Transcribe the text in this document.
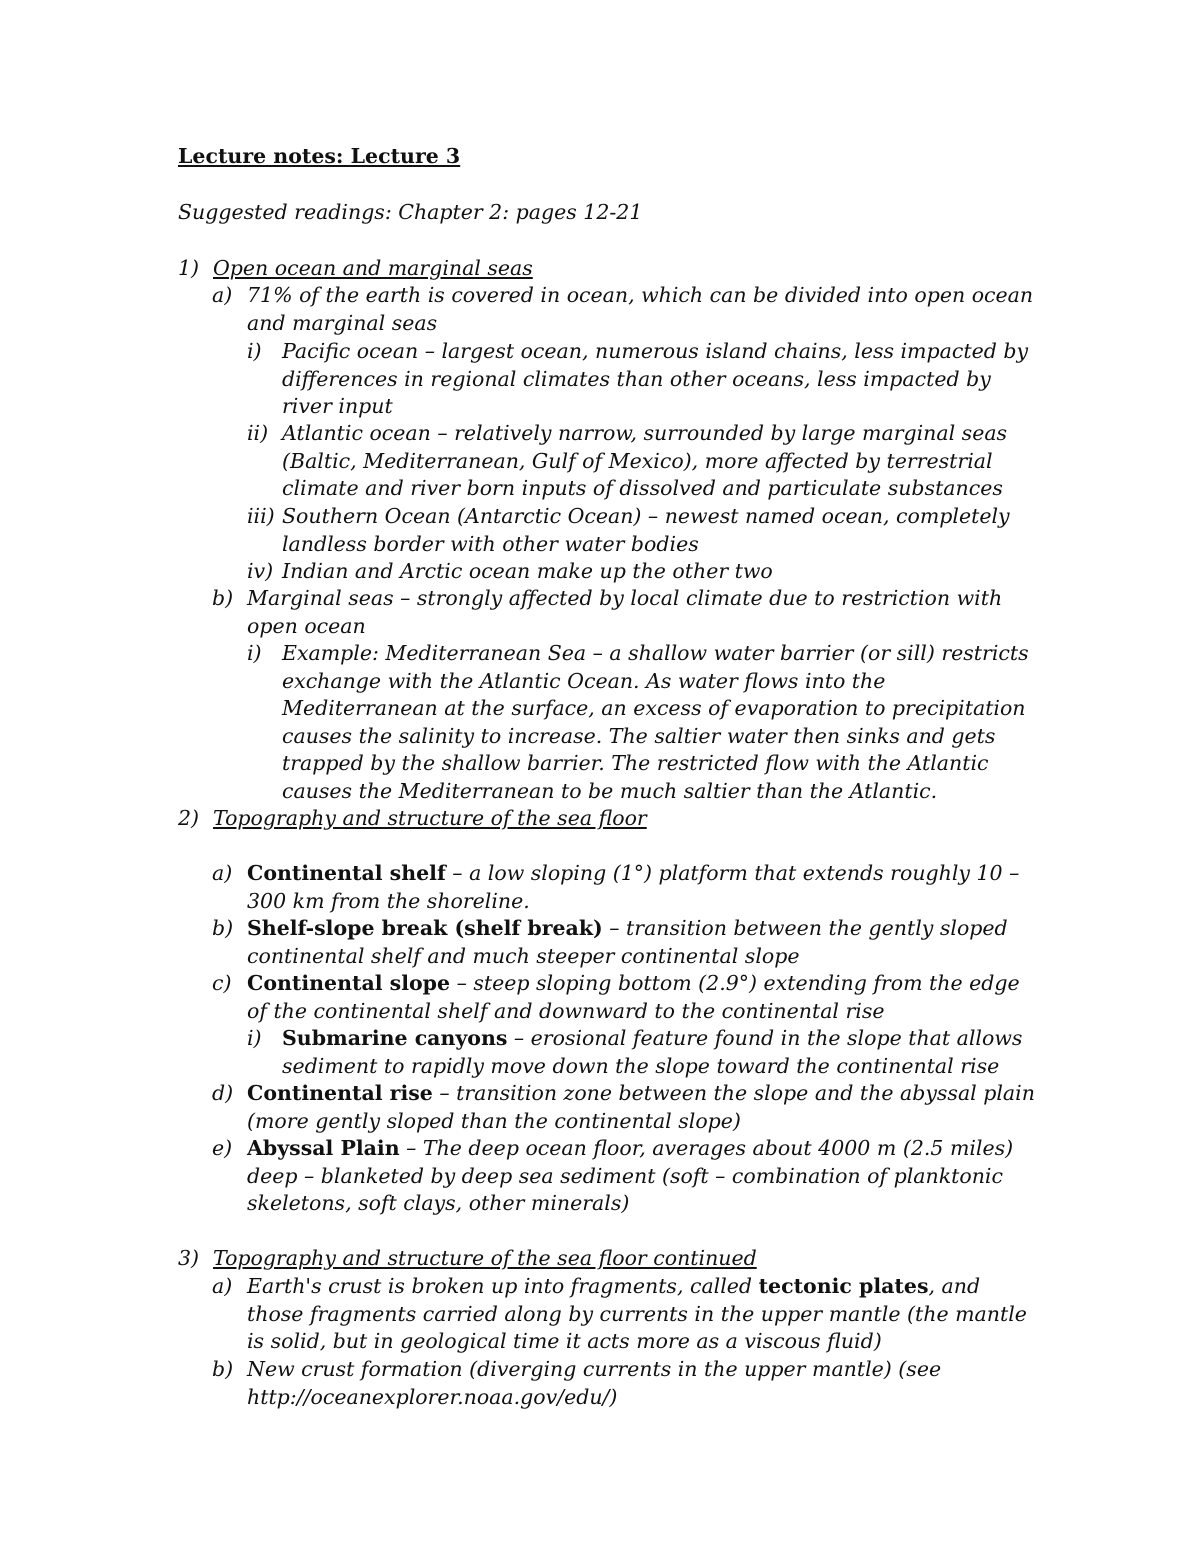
Lecture notes: Lecture 3
Suggested readings: Chapter 2: pages 12-21
1) Open ocean and marginal seas
a) 71% of the earth is covered in ocean, which can be divided into open ocean and marginal seas
i) Pacific ocean – largest ocean, numerous island chains, less impacted by differences in regional climates than other oceans, less impacted by river input
ii) Atlantic ocean – relatively narrow, surrounded by large marginal seas (Baltic, Mediterranean, Gulf of Mexico), more affected by terrestrial climate and river born inputs of dissolved and particulate substances
iii) Southern Ocean (Antarctic Ocean) – newest named ocean, completely landless border with other water bodies
iv) Indian and Arctic ocean make up the other two
b) Marginal seas – strongly affected by local climate due to restriction with open ocean
i) Example: Mediterranean Sea – a shallow water barrier (or sill) restricts exchange with the Atlantic Ocean. As water flows into the Mediterranean at the surface, an excess of evaporation to precipitation causes the salinity to increase. The saltier water then sinks and gets trapped by the shallow barrier. The restricted flow with the Atlantic causes the Mediterranean to be much saltier than the Atlantic.
2) Topography and structure of the sea floor
a) Continental shelf – a low sloping (1°) platform that extends roughly 10 – 300 km from the shoreline.
b) Shelf-slope break (shelf break) – transition between the gently sloped continental shelf and much steeper continental slope
c) Continental slope – steep sloping bottom (2.9°) extending from the edge of the continental shelf and downward to the continental rise
i) Submarine canyons – erosional feature found in the slope that allows sediment to rapidly move down the slope toward the continental rise
d) Continental rise – transition zone between the slope and the abyssal plain (more gently sloped than the continental slope)
e) Abyssal Plain – The deep ocean floor, averages about 4000 m (2.5 miles) deep – blanketed by deep sea sediment (soft – combination of planktonic skeletons, soft clays, other minerals)
3) Topography and structure of the sea floor continued
a) Earth's crust is broken up into fragments, called tectonic plates, and those fragments carried along by currents in the upper mantle (the mantle is solid, but in geological time it acts more as a viscous fluid)
b) New crust formation (diverging currents in the upper mantle) (see http://oceanexplorer.noaa.gov/edu/)
